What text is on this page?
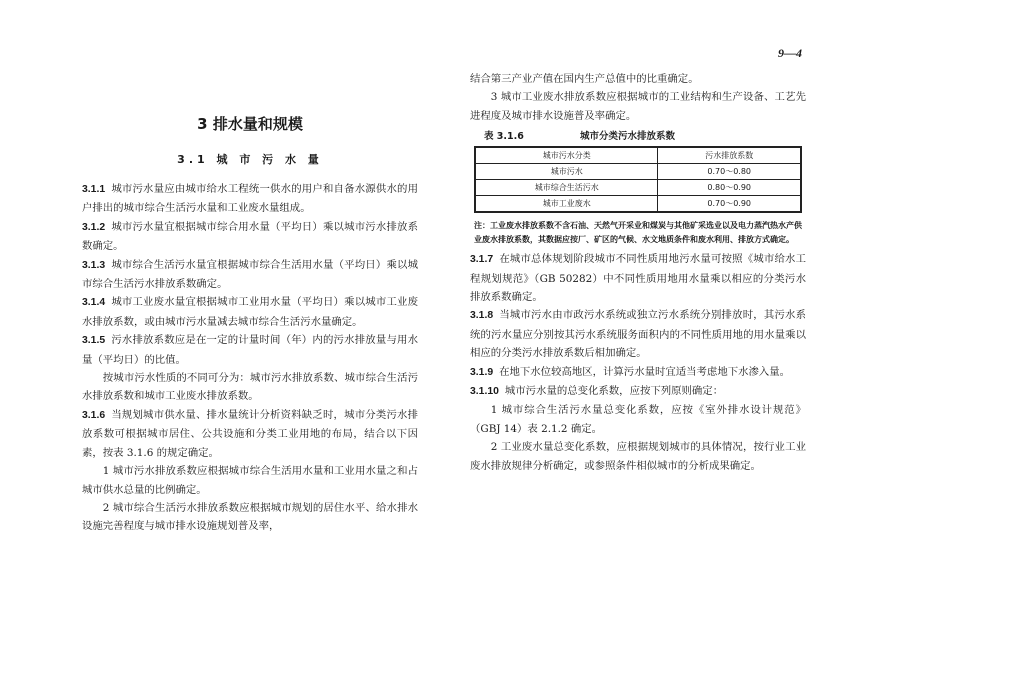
9—4
3 排水量和规模
3.1 城 市 污 水 量

3.1.1 城市污水量应由城市给水工程统一供水的用户和自备水源供水的用户排出的城市综合生活污水量和工业废水量组成。

3.1.2 城市污水量宜根据城市综合用水量（平均日）乘以城市污水排放系数确定。

3.1.3 城市综合生活污水量宜根据城市综合生活用水量（平均日）乘以城市综合生活污水排放系数确定。

3.1.4 城市工业废水量宜根据城市工业用水量（平均日）乘以城市工业废水排放系数，或由城市污水量减去城市综合生活污水量确定。

3.1.5 污水排放系数应是在一定的计量时间（年）内的污水排放量与用水量（平均日）的比值。

按城市污水性质的不同可分为：城市污水排放系数、城市综合生活污水排放系数和城市工业废水排放系数。

3.1.6 当规划城市供水量、排水量统计分析资料缺乏时，城市分类污水排放系数可根据城市居住、公共设施和分类工业用地的布局，结合以下因素，按表 3.1.6 的规定确定。

1 城市污水排放系数应根据城市综合生活用水量和工业用水量之和占城市供水总量的比例确定。

2 城市综合生活污水排放系数应根据城市规划的居住水平、给水排水设施完善程度与城市排水设施规划普及率，

结合第三产业产值在国内生产总值中的比重确定。

3 城市工业废水排放系数应根据城市的工业结构和生产设备、工艺先进程度及城市排水设施普及率确定。

表 3.1.6	城市分类污水排放系数
城市污水分类	污水排放系数
城市污水	0.70～0.80
城市综合生活污水	0.80～0.90
城市工业废水	0.70～0.90

注：工业废水排放系数不含石油、天然气开采业和煤炭与其他矿采选业以及电力蒸汽热水产供业废水排放系数，其数据应按厂、矿区的气候、水文地质条件和废水利用、排放方式确定。

3.1.7 在城市总体规划阶段城市不同性质用地污水量可按照《城市给水工程规划规范》（GB 50282）中不同性质用地用水量乘以相应的分类污水排放系数确定。

3.1.8 当城市污水由市政污水系统或独立污水系统分别排放时，其污水系统的污水量应分别按其污水系统服务面积内的不同性质用地的用水量乘以相应的分类污水排放系数后相加确定。

3.1.9 在地下水位较高地区，计算污水量时宜适当考虑地下水渗入量。

3.1.10 城市污水量的总变化系数，应按下列原则确定：

1 城市综合生活污水量总变化系数，应按《室外排水设计规范》（GBJ 14）表 2.1.2 确定。

2 工业废水量总变化系数，应根据规划城市的具体情况，按行业工业废水排放规律分析确定，或参照条件相似城市的分析成果确定。
